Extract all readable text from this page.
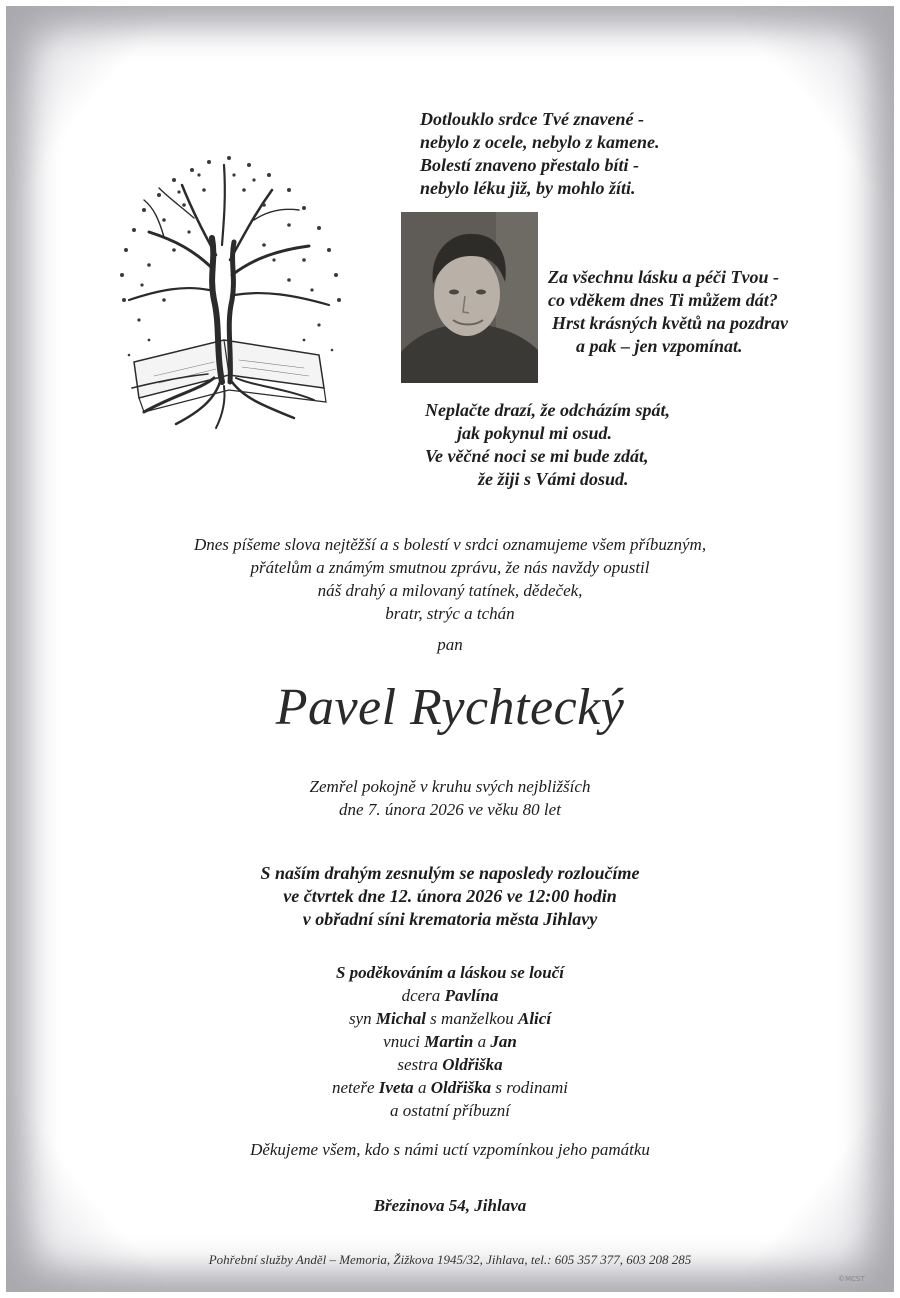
Dotlouklo srdce Tvé znavené -
nebylo z ocele, nebylo z kamene.
Bolestí znaveno přestalo bíti -
nebylo léku již, by mohlo žíti.
Za všechnu lásku a péči Tvou -
co vděkem dnes Ti můžem dát?
Hrst krásných květů na pozdrav
a pak – jen vzpomínat.
Neplačte drazí, že odcházím spát,
jak pokynul mi osud.
Ve věčné noci se mi bude zdát,
že žiji s Vámi dosud.
Dnes píšeme slova nejtěžší a s bolestí v srdci oznamujeme všem příbuzným,
přátelům a známým smutnou zprávu, že nás navždy opustil
náš drahý a milovaný tatínek, dědeček,
bratr, strýc a tchán
pan
Pavel Rychtecký
Zemřel pokojně v kruhu svých nejbližších
dne 7. února 2026 ve věku 80 let
S naším drahým zesnulým se naposledy rozloučíme
ve čtvrtek dne 12. února 2026 ve 12:00 hodin
v obřadní síni krematoria města Jihlavy
S poděkováním a láskou se loučí
dcera Pavlína
syn Michal s manželkou Alicí
vnuci Martin a Jan
sestra Oldřiška
neteře Iveta a Oldřiška s rodinami
a ostatní příbuzní
Děkujeme všem, kdo s námi uctí vzpomínkou jeho památku
Březinova 54, Jihlava
Pohřební služby Anděl – Memoria, Žižkova 1945/32, Jihlava, tel.: 605 357 377, 603 208 285
©MCST
